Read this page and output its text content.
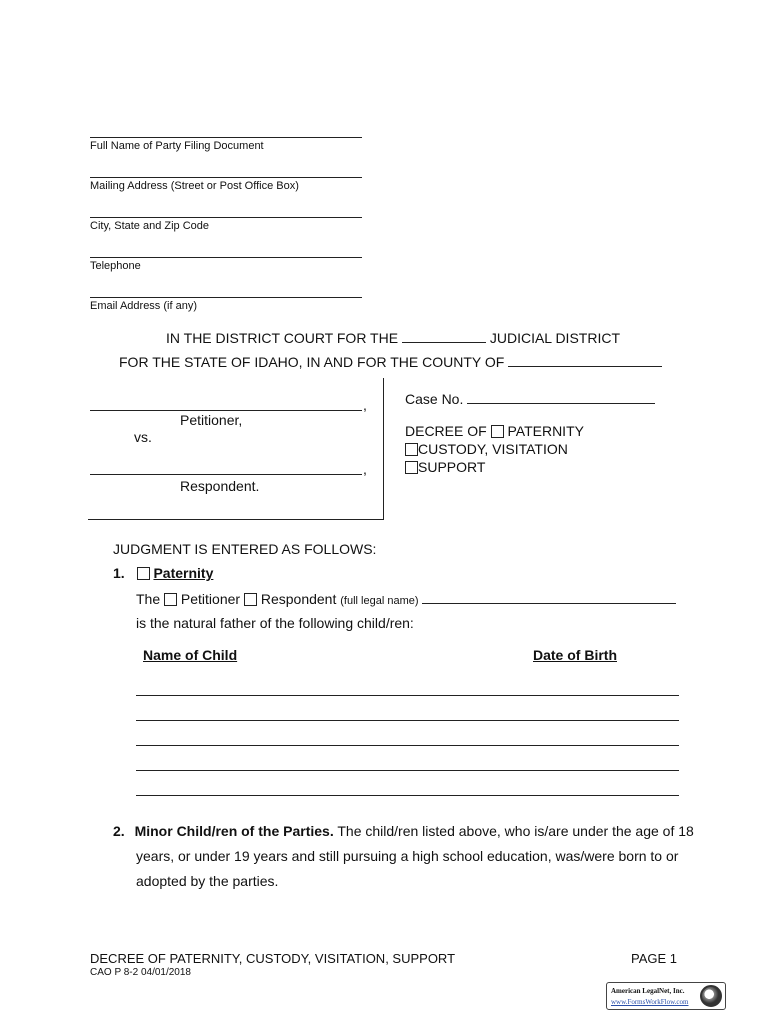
Full Name of Party Filing Document
Mailing Address (Street or Post Office Box)
City, State and Zip Code
Telephone
Email Address (if any)
IN THE DISTRICT COURT FOR THE	JUDICIAL DISTRICT
FOR THE STATE OF IDAHO, IN AND FOR THE COUNTY OF
,
Petitioner,
vs.
,
Respondent.
Case No.
DECREE OF PATERNITY
CUSTODY, VISITATION
SUPPORT
JUDGMENT IS ENTERED AS FOLLOWS:
1. Paternity
The Petitioner Respondent (full legal name)
is the natural father of the following child/ren:
Name of Child	Date of Birth
2. Minor Child/ren of the Parties. The child/ren listed above, who is/are under the age of 18
years, or under 19 years and still pursuing a high school education, was/were born to or
adopted by the parties.
DECREE OF PATERNITY, CUSTODY, VISITATION, SUPPORT	PAGE 1
CAO P 8-2 04/01/2018
American LegalNet, Inc.
www.FormsWorkFlow.com
